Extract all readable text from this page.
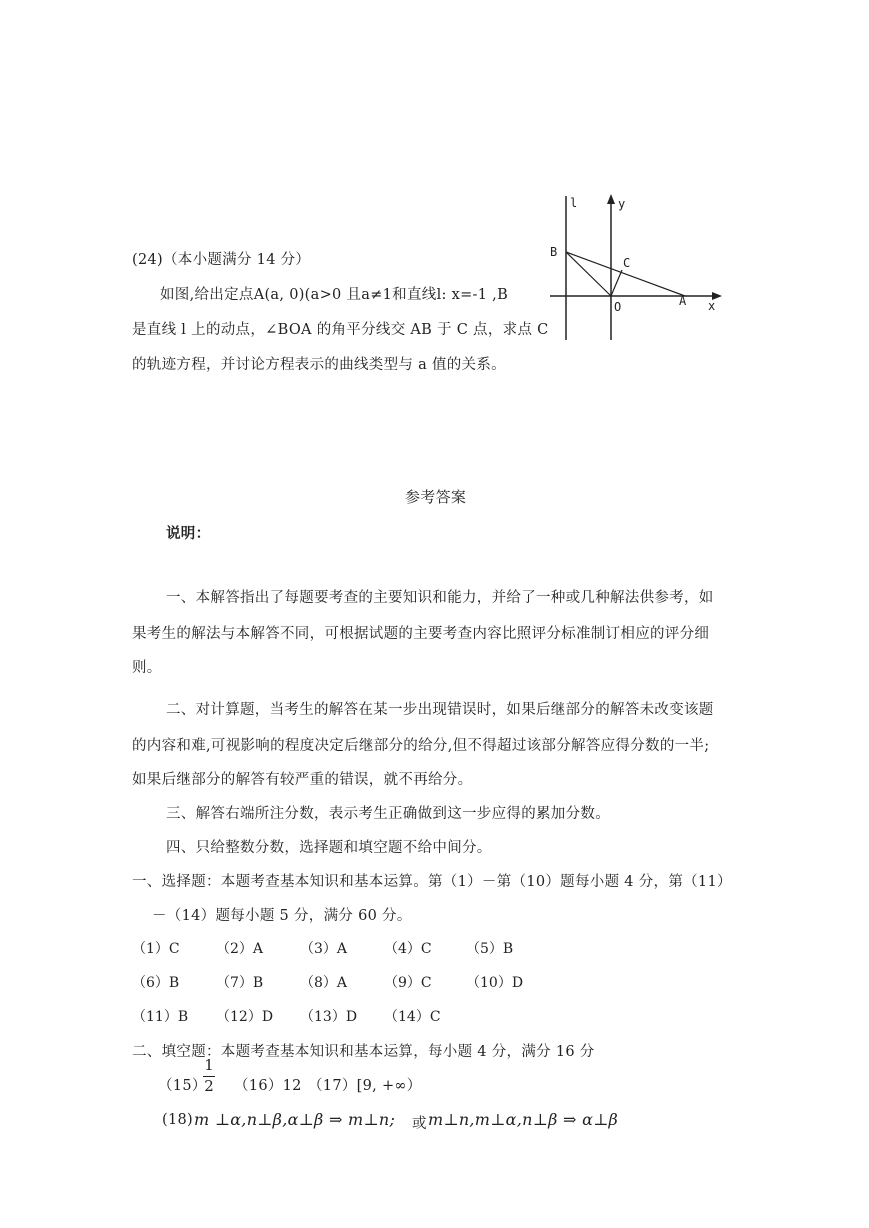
(24)（本小题满分 14 分）
如图,给出定点A(a, 0)(a>0 且a≠1和直线l: x=-1 ,B
是直线 l 上的动点，∠BOA 的角平分线交 AB 于 C 点，求点 C
的轨迹方程，并讨论方程表示的曲线类型与 a 值的关系。
l	y
B
C
O	A x
参考答案
说明：
一、本解答指出了每题要考查的主要知识和能力，并给了一种或几种解法供参考，如
果考生的解法与本解答不同，可根据试题的主要考查内容比照评分标准制订相应的评分细
则。
二、对计算题，当考生的解答在某一步出现错误时，如果后继部分的解答未改变该题
的内容和难,可视影响的程度决定后继部分的给分,但不得超过该部分解答应得分数的一半;
如果后继部分的解答有较严重的错误，就不再给分。
三、解答右端所注分数，表示考生正确做到这一步应得的累加分数。
四、只给整数分数，选择题和填空题不给中间分。
一、选择题：本题考查基本知识和基本运算。第（1）－第（10）题每小题 4 分，第（11）
－（14）题每小题 5 分，满分 60 分。
（1）C	（2）A	（3）A	（4）C （5）B
（6）B	（7）B	（8）A	（9）C （10）D
（11）B （12）D （13）D （14）C
二、填空题：本题考查基本知识和基本运算，每小题 4 分，满分 16 分
（15）
1
2 （16）12 （17）[9, +∞）
(18) m ⊥α,n⊥β,α⊥β ⇒ m⊥n; 或 m⊥n,m⊥α,n⊥β ⇒ α⊥β
